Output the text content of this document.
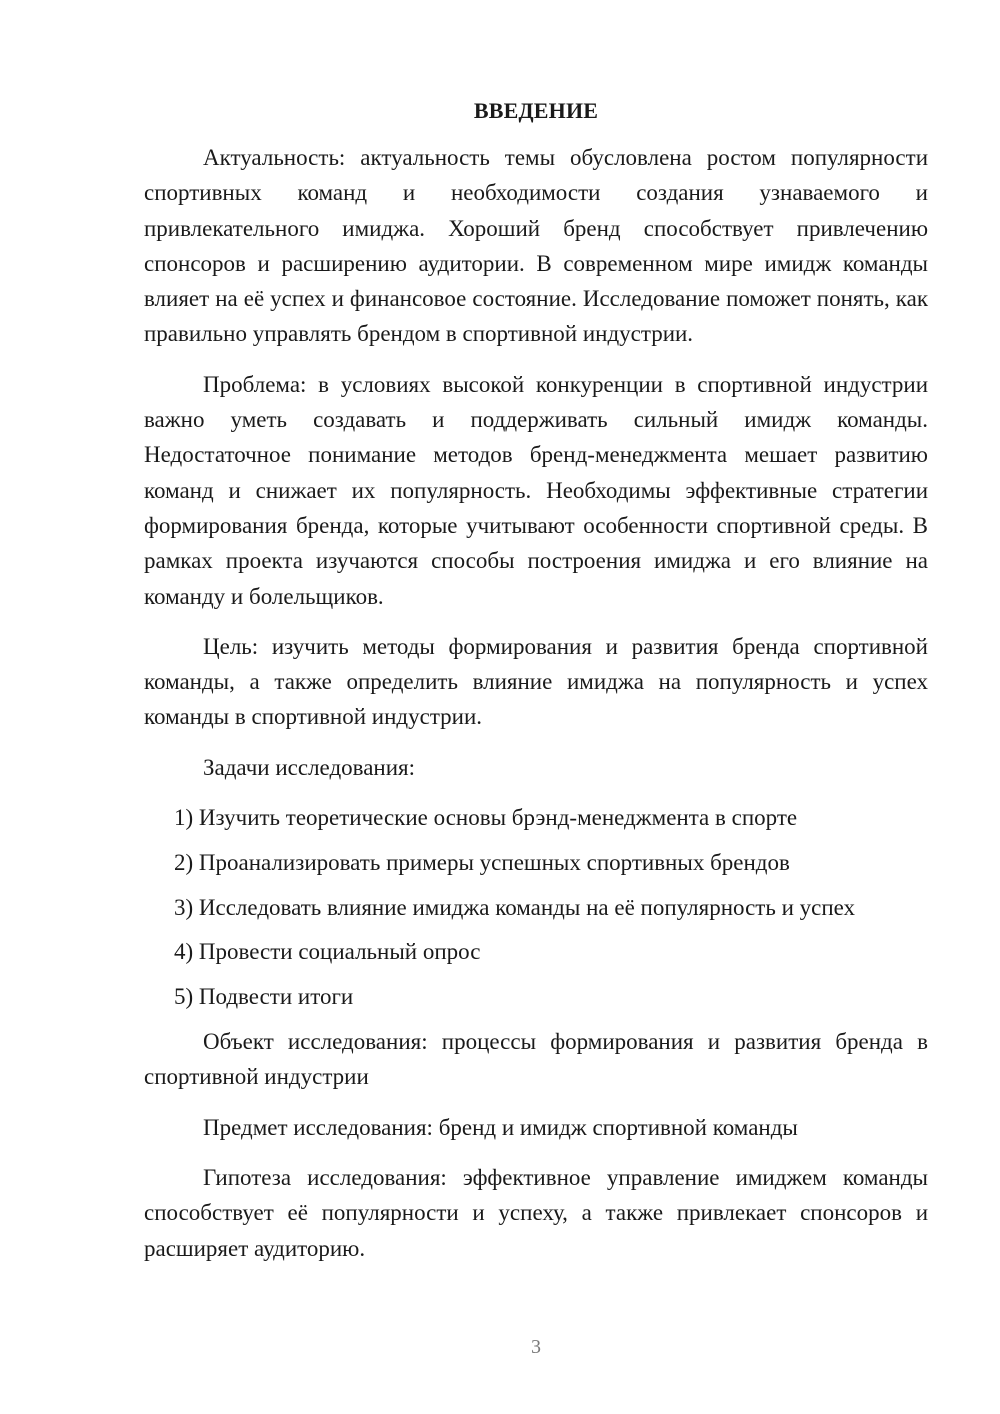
ВВЕДЕНИЕ

Актуальность: актуальность темы обусловлена ростом популярности спортивных команд и необходимости создания узнаваемого и привлекательного имиджа. Хороший бренд способствует привлечению спонсоров и расширению аудитории. В современном мире имидж команды влияет на её успех и финансовое состояние. Исследование поможет понять, как правильно управлять брендом в спортивной индустрии.

Проблема: в условиях высокой конкуренции в спортивной индустрии важно уметь создавать и поддерживать сильный имидж команды. Недостаточное понимание методов бренд-менеджмента мешает развитию команд и снижает их популярность. Необходимы эффективные стратегии формирования бренда, которые учитывают особенности спортивной среды. В рамках проекта изучаются способы построения имиджа и его влияние на команду и болельщиков.

Цель: изучить методы формирования и развития бренда спортивной команды, а также определить влияние имиджа на популярность и успех команды в спортивной индустрии.

Задачи исследования:

1) Изучить теоретические основы брэнд-менеджмента в спорте

2) Проанализировать примеры успешных спортивных брендов

3) Исследовать влияние имиджа команды на её популярность и успех

4) Провести социальный опрос

5) Подвести итоги

Объект исследования: процессы формирования и развития бренда в спортивной индустрии

Предмет исследования: бренд и имидж спортивной команды

Гипотеза исследования: эффективное управление имиджем команды способствует её популярности и успеху, а также привлекает спонсоров и расширяет аудиторию.

3
